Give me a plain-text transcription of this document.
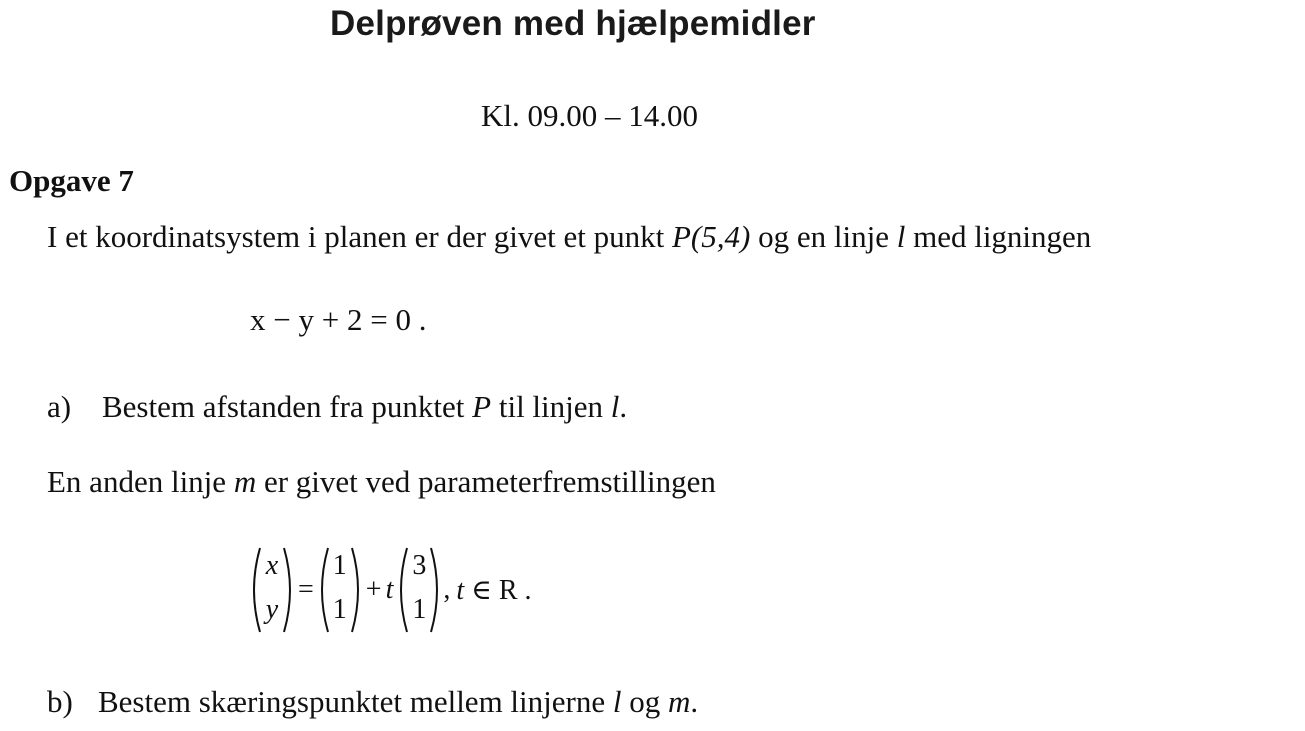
Delprøven med hjælpemidler
Kl. 09.00 – 14.00
Opgave 7
I et koordinatsystem i planen er der givet et punkt P(5,4) og en linje l med ligningen
x − y + 2 = 0 .
a) Bestem afstanden fra punktet P til linjen l.
En anden linje m er givet ved parameterfremstillingen
x
y
=
1
1
+ t
3
1
, t ∈ R .
b) Bestem skæringspunktet mellem linjerne l og m.
